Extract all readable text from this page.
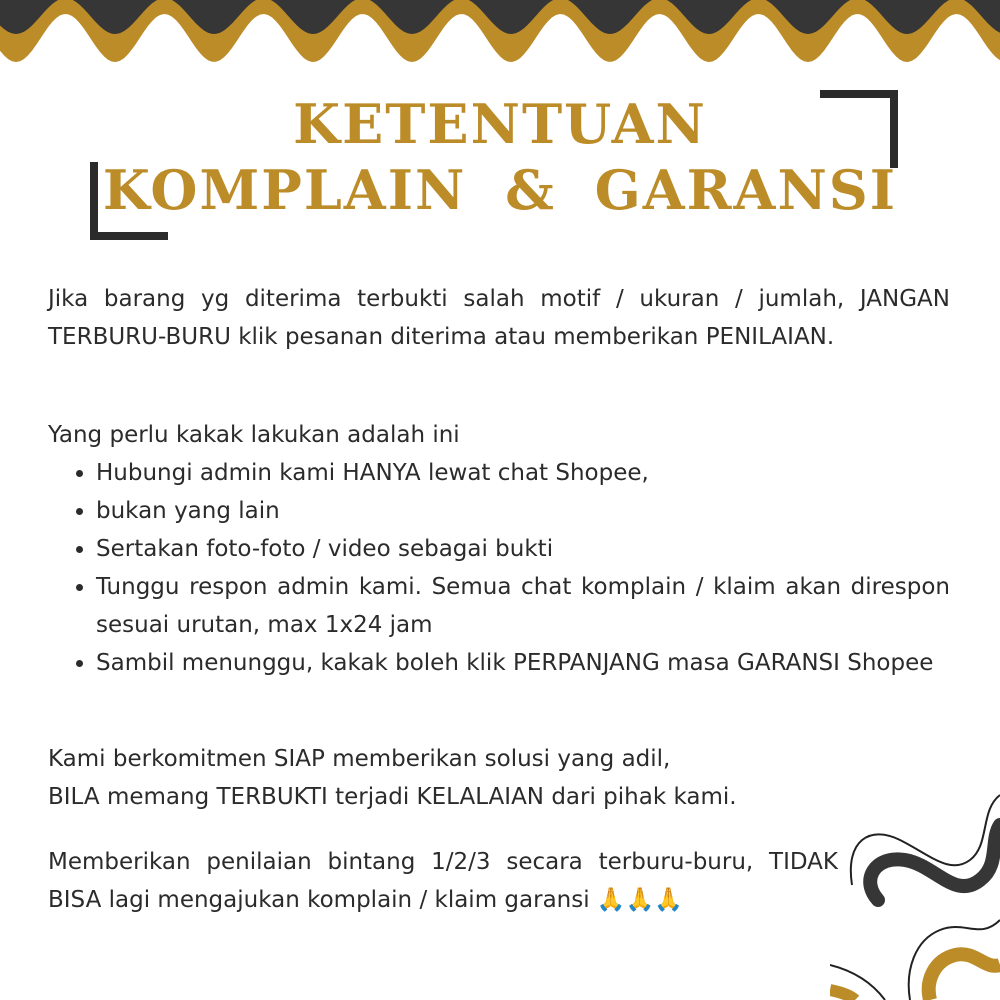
KETENTUAN
KOMPLAIN & GARANSI

Jika barang yg diterima terbukti salah motif / ukuran / jumlah, JANGAN TERBURU-BURU klik pesanan diterima atau memberikan PENILAIAN.

Yang perlu kakak lakukan adalah ini

• Hubungi admin kami HANYA lewat chat Shopee,
• bukan yang lain
• Sertakan foto-foto / video sebagai bukti
• Tunggu respon admin kami. Semua chat komplain / klaim akan direspon sesuai urutan, max 1x24 jam
• Sambil menunggu, kakak boleh klik PERPANJANG masa GARANSI Shopee
Kami berkomitmen SIAP memberikan solusi yang adil,
BILA memang TERBUKTI terjadi KELALAIAN dari pihak kami.

Memberikan penilaian bintang 1/2/3 secara terburu-buru, TIDAK BISA lagi mengajukan komplain / klaim garansi 🙏🙏🙏
